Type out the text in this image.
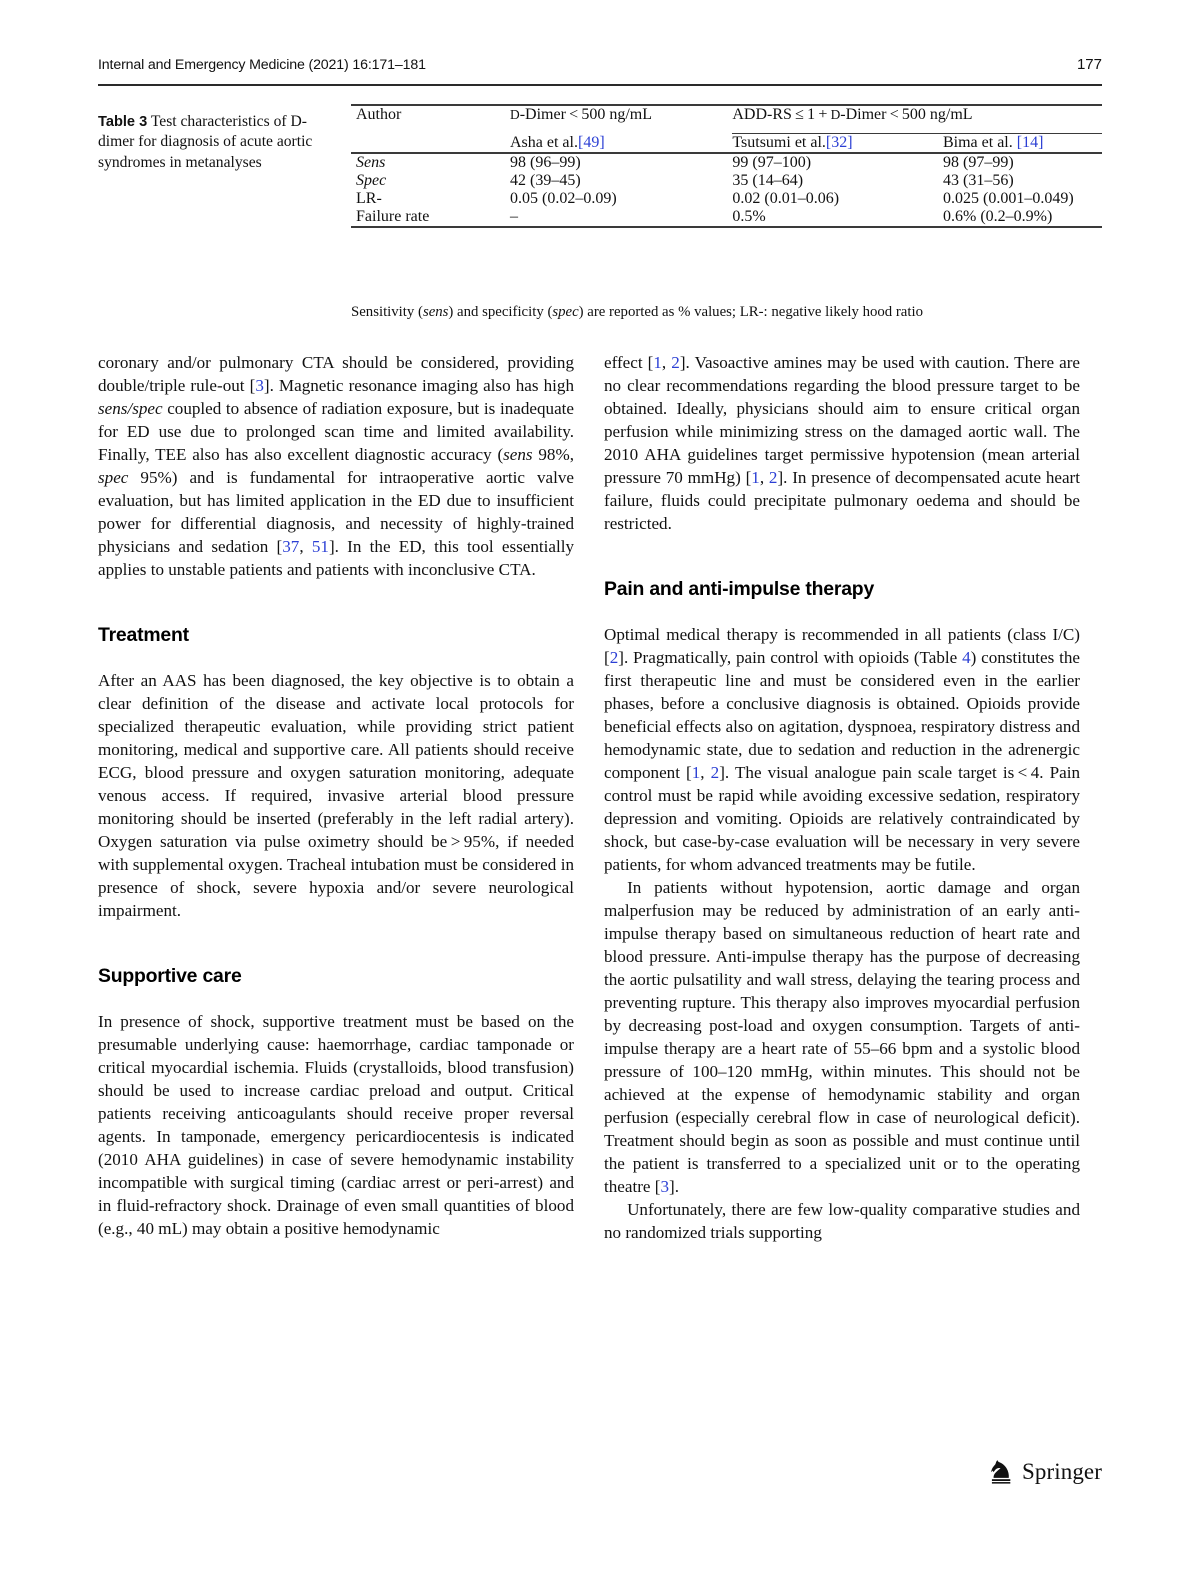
Internal and Emergency Medicine (2021) 16:171–181	177
Table 3 Test characteristics of D-dimer for diagnosis of acute aortic syndromes in metanalyses
Author	D-Dimer < 500 ng/mL	ADD-RS ≤ 1 + D-Dimer < 500 ng/mL	

	Asha et al.[49]	Tsutsumi et al.[32]	Bima et al. [14]
Sens	98 (96–99)	99 (97–100)	98 (97–99)
Spec	42 (39–45)	35 (14–64)	43 (31–56)
LR-	0.05 (0.02–0.09)	0.02 (0.01–0.06)	0.025 (0.001–0.049)
Failure rate	–	0.5%	0.6% (0.2–0.9%)

Sensitivity (sens) and specificity (spec) are reported as % values; LR-: negative likely hood ratio

coronary and/or pulmonary CTA should be considered, providing double/triple rule-out [3]. Magnetic resonance imaging also has high sens/spec coupled to absence of radiation exposure, but is inadequate for ED use due to prolonged scan time and limited availability. Finally, TEE also has also excellent diagnostic accuracy (sens 98%, spec 95%) and is fundamental for intraoperative aortic valve evaluation, but has limited application in the ED due to insufficient power for differential diagnosis, and necessity of highly-trained physicians and sedation [37, 51]. In the ED, this tool essentially applies to unstable patients and patients with inconclusive CTA.

Treatment

After an AAS has been diagnosed, the key objective is to obtain a clear definition of the disease and activate local protocols for specialized therapeutic evaluation, while providing strict patient monitoring, medical and supportive care. All patients should receive ECG, blood pressure and oxygen saturation monitoring, adequate venous access. If required, invasive arterial blood pressure monitoring should be inserted (preferably in the left radial artery). Oxygen saturation via pulse oximetry should be > 95%, if needed with supplemental oxygen. Tracheal intubation must be considered in presence of shock, severe hypoxia and/or severe neurological impairment.

Supportive care

In presence of shock, supportive treatment must be based on the presumable underlying cause: haemorrhage, cardiac tamponade or critical myocardial ischemia. Fluids (crystalloids, blood transfusion) should be used to increase cardiac preload and output. Critical patients receiving anticoagulants should receive proper reversal agents. In tamponade, emergency pericardiocentesis is indicated (2010 AHA guidelines) in case of severe hemodynamic instability incompatible with surgical timing (cardiac arrest or peri-arrest) and in fluid-refractory shock. Drainage of even small quantities of blood (e.g., 40 mL) may obtain a positive hemodynamic

effect [1, 2]. Vasoactive amines may be used with caution. There are no clear recommendations regarding the blood pressure target to be obtained. Ideally, physicians should aim to ensure critical organ perfusion while minimizing stress on the damaged aortic wall. The 2010 AHA guidelines target permissive hypotension (mean arterial pressure 70 mmHg) [1, 2]. In presence of decompensated acute heart failure, fluids could precipitate pulmonary oedema and should be restricted.

Pain and anti-impulse therapy

Optimal medical therapy is recommended in all patients (class I/C) [2]. Pragmatically, pain control with opioids (Table 4) constitutes the first therapeutic line and must be considered even in the earlier phases, before a conclusive diagnosis is obtained. Opioids provide beneficial effects also on agitation, dyspnoea, respiratory distress and hemodynamic state, due to sedation and reduction in the adrenergic component [1, 2]. The visual analogue pain scale target is < 4. Pain control must be rapid while avoiding excessive sedation, respiratory depression and vomiting. Opioids are relatively contraindicated by shock, but case-by-case evaluation will be necessary in very severe patients, for whom advanced treatments may be futile.

In patients without hypotension, aortic damage and organ malperfusion may be reduced by administration of an early anti-impulse therapy based on simultaneous reduction of heart rate and blood pressure. Anti-impulse therapy has the purpose of decreasing the aortic pulsatility and wall stress, delaying the tearing process and preventing rupture. This therapy also improves myocardial perfusion by decreasing post-load and oxygen consumption. Targets of anti-impulse therapy are a heart rate of 55–66 bpm and a systolic blood pressure of 100–120 mmHg, within minutes. This should not be achieved at the expense of hemodynamic stability and organ perfusion (especially cerebral flow in case of neurological deficit). Treatment should begin as soon as possible and must continue until the patient is transferred to a specialized unit or to the operating theatre [3].

Unfortunately, there are few low-quality comparative studies and no randomized trials supporting

Springer
